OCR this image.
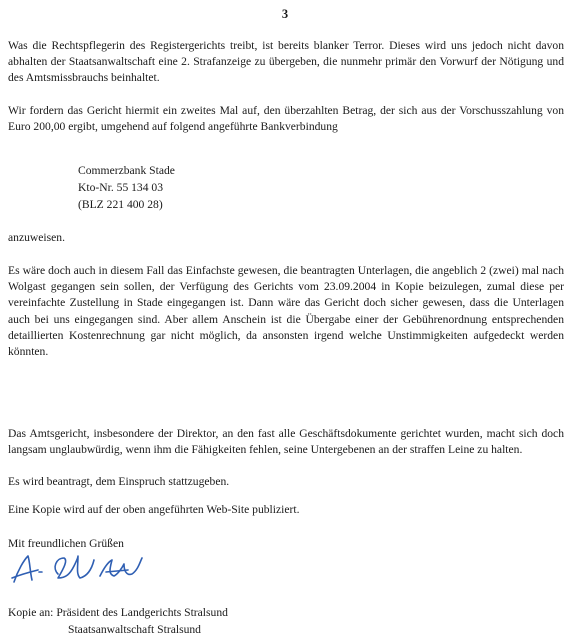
3

Was die Rechtspflegerin des Registergerichts treibt, ist bereits blanker Terror. Dieses wird uns jedoch nicht davon abhalten der Staatsanwaltschaft eine 2. Strafanzeige zu übergeben, die nunmehr primär den Vorwurf der Nötigung und des Amtsmissbrauchs beinhaltet.

Wir fordern das Gericht hiermit ein zweites Mal auf, den überzahlten Betrag, der sich aus der Vorschusszahlung von Euro 200,00 ergibt, umgehend auf folgend angeführte Bankverbindung

Commerzbank Stade
Kto-Nr. 55 134 03
(BLZ 221 400 28)

anzuweisen.

Es wäre doch auch in diesem Fall das Einfachste gewesen, die beantragten Unterlagen, die angeblich 2 (zwei) mal nach Wolgast gegangen sein sollen, der Verfügung des Gerichts vom 23.09.2004 in Kopie beizulegen, zumal diese per vereinfachte Zustellung in Stade eingegangen ist. Dann wäre das Gericht doch sicher gewesen, dass die Unterlagen auch bei uns eingegangen sind. Aber allem Anschein ist die Übergabe einer der Gebührenordnung entsprechenden detaillierten Kostenrechnung gar nicht möglich, da ansonsten irgend welche Unstimmigkeiten aufgedeckt werden könnten.

Das Amtsgericht, insbesondere der Direktor, an den fast alle Geschäftsdokumente gerichtet wurden, macht sich doch langsam unglaubwürdig, wenn ihm die Fähigkeiten fehlen, seine Untergebenen an der straffen Leine zu halten.

Es wird beantragt, dem Einspruch stattzugeben.

Eine Kopie wird auf der oben angeführten Web-Site publiziert.
Mit freundlichen Grüßen
Kopie an: Präsident des Landgerichts Stralsund
Staatsanwaltschaft Stralsund
